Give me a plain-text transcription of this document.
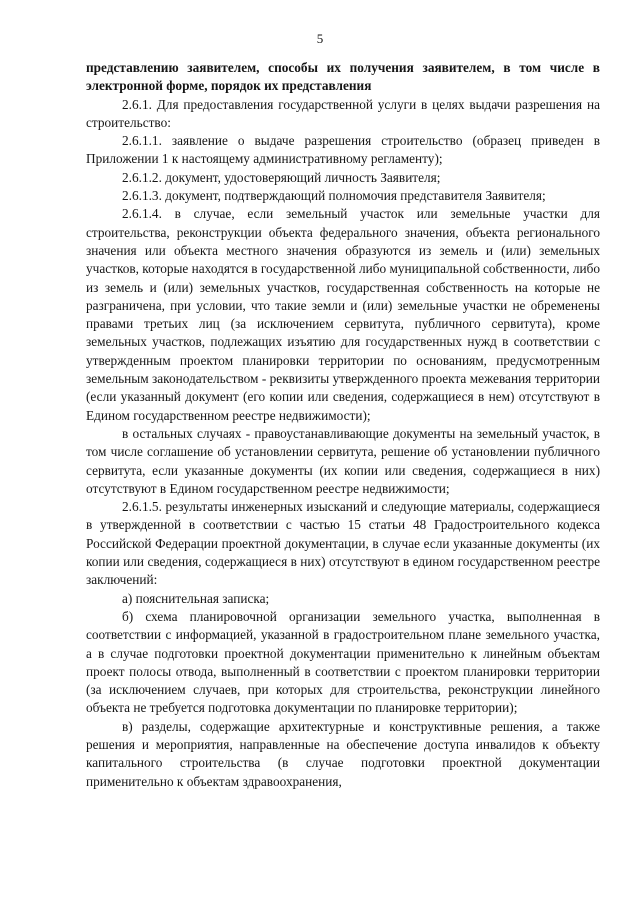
5

представлению заявителем, способы их получения заявителем, в том числе в электронной форме, порядок их представления

2.6.1. Для предоставления государственной услуги в целях выдачи разрешения на строительство:

2.6.1.1. заявление о выдаче разрешения строительство (образец приведен в Приложении 1 к настоящему административному регламенту);

2.6.1.2. документ, удостоверяющий личность Заявителя;

2.6.1.3. документ, подтверждающий полномочия представителя Заявителя;

2.6.1.4. в случае, если земельный участок или земельные участки для строительства, реконструкции объекта федерального значения, объекта регионального значения или объекта местного значения образуются из земель и (или) земельных участков, которые находятся в государственной либо муниципальной собственности, либо из земель и (или) земельных участков, государственная собственность на которые не разграничена, при условии, что такие земли и (или) земельные участки не обременены правами третьих лиц (за исключением сервитута, публичного сервитута), кроме земельных участков, подлежащих изъятию для государственных нужд в соответствии с утвержденным проектом планировки территории по основаниям, предусмотренным земельным законодательством - реквизиты утвержденного проекта межевания территории (если указанный документ (его копии или сведения, содержащиеся в нем) отсутствуют в Едином государственном реестре недвижимости);

в остальных случаях - правоустанавливающие документы на земельный участок, в том числе соглашение об установлении сервитута, решение об установлении публичного сервитута, если указанные документы (их копии или сведения, содержащиеся в них) отсутствуют в Едином государственном реестре недвижимости;

2.6.1.5. результаты инженерных изысканий и следующие материалы, содержащиеся в утвержденной в соответствии с частью 15 статьи 48 Градостроительного кодекса Российской Федерации проектной документации, в случае если указанные документы (их копии или сведения, содержащиеся в них) отсутствуют в едином государственном реестре заключений:

а) пояснительная записка;

б) схема планировочной организации земельного участка, выполненная в соответствии с информацией, указанной в градостроительном плане земельного участка, а в случае подготовки проектной документации применительно к линейным объектам проект полосы отвода, выполненный в соответствии с проектом планировки территории (за исключением случаев, при которых для строительства, реконструкции линейного объекта не требуется подготовка документации по планировке территории);

в) разделы, содержащие архитектурные и конструктивные решения, а также решения и мероприятия, направленные на обеспечение доступа инвалидов к объекту капитального строительства (в случае подготовки проектной документации применительно к объектам здравоохранения,
